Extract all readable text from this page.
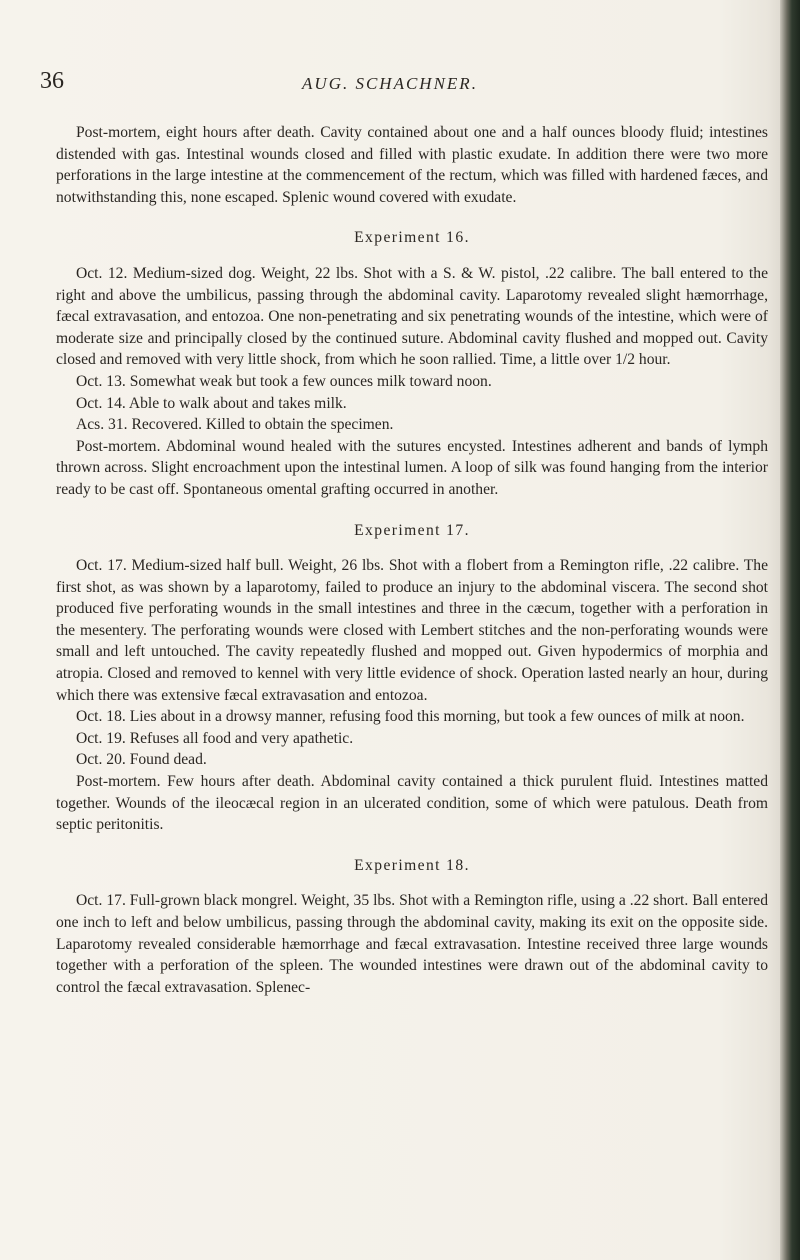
36	AUG. SCHACHNER.

Post-mortem, eight hours after death. Cavity contained about one and a half ounces bloody fluid; intestines distended with gas. Intestinal wounds closed and filled with plastic exudate. In addition there were two more perforations in the large intestine at the commencement of the rectum, which was filled with hardened fæces, and notwithstanding this, none escaped. Splenic wound covered with exudate.

Experiment 16.

Oct. 12. Medium-sized dog. Weight, 22 lbs. Shot with a S. & W. pistol, .22 calibre. The ball entered to the right and above the umbilicus, passing through the abdominal cavity. Laparotomy revealed slight hæmorrhage, fæcal extravasation, and entozoa. One non-penetrating and six penetrating wounds of the intestine, which were of moderate size and principally closed by the continued suture. Abdominal cavity flushed and mopped out. Cavity closed and removed with very little shock, from which he soon rallied. Time, a little over 1/2 hour.

Oct. 13. Somewhat weak but took a few ounces milk toward noon.

Oct. 14. Able to walk about and takes milk.

Acs. 31. Recovered. Killed to obtain the specimen.

Post-mortem. Abdominal wound healed with the sutures encysted. Intestines adherent and bands of lymph thrown across. Slight encroachment upon the intestinal lumen. A loop of silk was found hanging from the interior ready to be cast off. Spontaneous omental grafting occurred in another.

Experiment 17.

Oct. 17. Medium-sized half bull. Weight, 26 lbs. Shot with a flobert from a Remington rifle, .22 calibre. The first shot, as was shown by a laparotomy, failed to produce an injury to the abdominal viscera. The second shot produced five perforating wounds in the small intestines and three in the cæcum, together with a perforation in the mesentery. The perforating wounds were closed with Lembert stitches and the non-perforating wounds were small and left untouched. The cavity repeatedly flushed and mopped out. Given hypodermics of morphia and atropia. Closed and removed to kennel with very little evidence of shock. Operation lasted nearly an hour, during which there was extensive fæcal extravasation and entozoa.

Oct. 18. Lies about in a drowsy manner, refusing food this morning, but took a few ounces of milk at noon.

Oct. 19. Refuses all food and very apathetic.

Oct. 20. Found dead.

Post-mortem. Few hours after death. Abdominal cavity contained a thick purulent fluid. Intestines matted together. Wounds of the ileocæcal region in an ulcerated condition, some of which were patulous. Death from septic peritonitis.

Experiment 18.

Oct. 17. Full-grown black mongrel. Weight, 35 lbs. Shot with a Remington rifle, using a .22 short. Ball entered one inch to left and below umbilicus, passing through the abdominal cavity, making its exit on the opposite side. Laparotomy revealed considerable hæmorrhage and fæcal extravasation. Intestine received three large wounds together with a perforation of the spleen. The wounded intestines were drawn out of the abdominal cavity to control the fæcal extravasation. Splenec-
